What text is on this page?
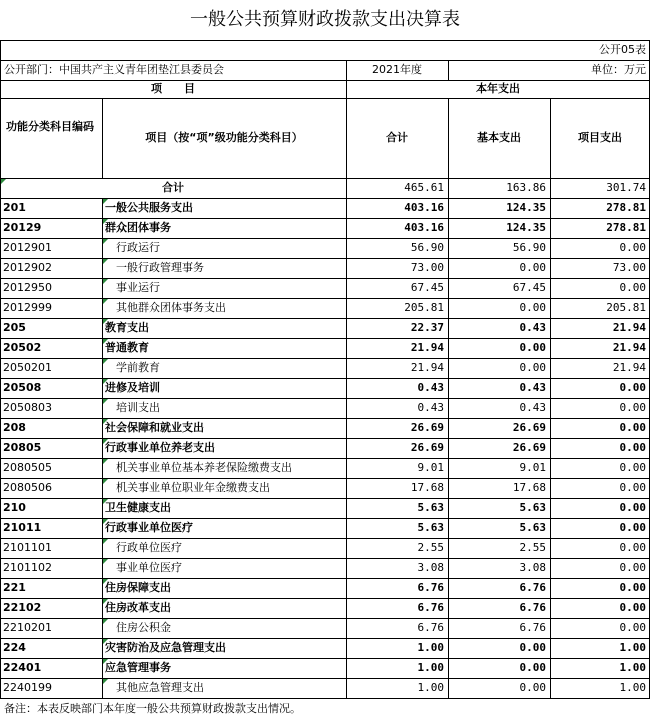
一般公共预算财政拨款支出决算表
公开05表
公开部门：中国共产主义青年团垫江县委员会	2021年度	单位：万元
项　　目	本年支出
功能分类科目编码
项目（按“项”级功能分类科目）	合计	基本支出	项目支出
合计	465.61	163.86	301.74
201	一般公共服务支出	403.16	124.35	278.81
20129	群众团体事务	403.16	124.35	278.81
2012901	行政运行	56.90	56.90	0.00
2012902	一般行政管理事务	73.00	0.00	73.00
2012950	事业运行	67.45	67.45	0.00
2012999	其他群众团体事务支出	205.81	0.00	205.81
205	教育支出	22.37	0.43	21.94
20502	普通教育	21.94	0.00	21.94
2050201	学前教育	21.94	0.00	21.94
20508	进修及培训	0.43	0.43	0.00
2050803	培训支出	0.43	0.43	0.00
208	社会保障和就业支出	26.69	26.69	0.00
20805	行政事业单位养老支出	26.69	26.69	0.00
2080505	机关事业单位基本养老保险缴费支出	9.01	9.01	0.00
2080506	机关事业单位职业年金缴费支出	17.68	17.68	0.00
210	卫生健康支出	5.63	5.63	0.00
21011	行政事业单位医疗	5.63	5.63	0.00
2101101	行政单位医疗	2.55	2.55	0.00
2101102	事业单位医疗	3.08	3.08	0.00
221	住房保障支出	6.76	6.76	0.00
22102	住房改革支出	6.76	6.76	0.00
2210201	住房公积金	6.76	6.76	0.00
224	灾害防治及应急管理支出	1.00	0.00	1.00
22401	应急管理事务	1.00	0.00	1.00
2240199	其他应急管理支出	1.00	0.00	1.00
备注：本表反映部门本年度一般公共预算财政拨款支出情况。
